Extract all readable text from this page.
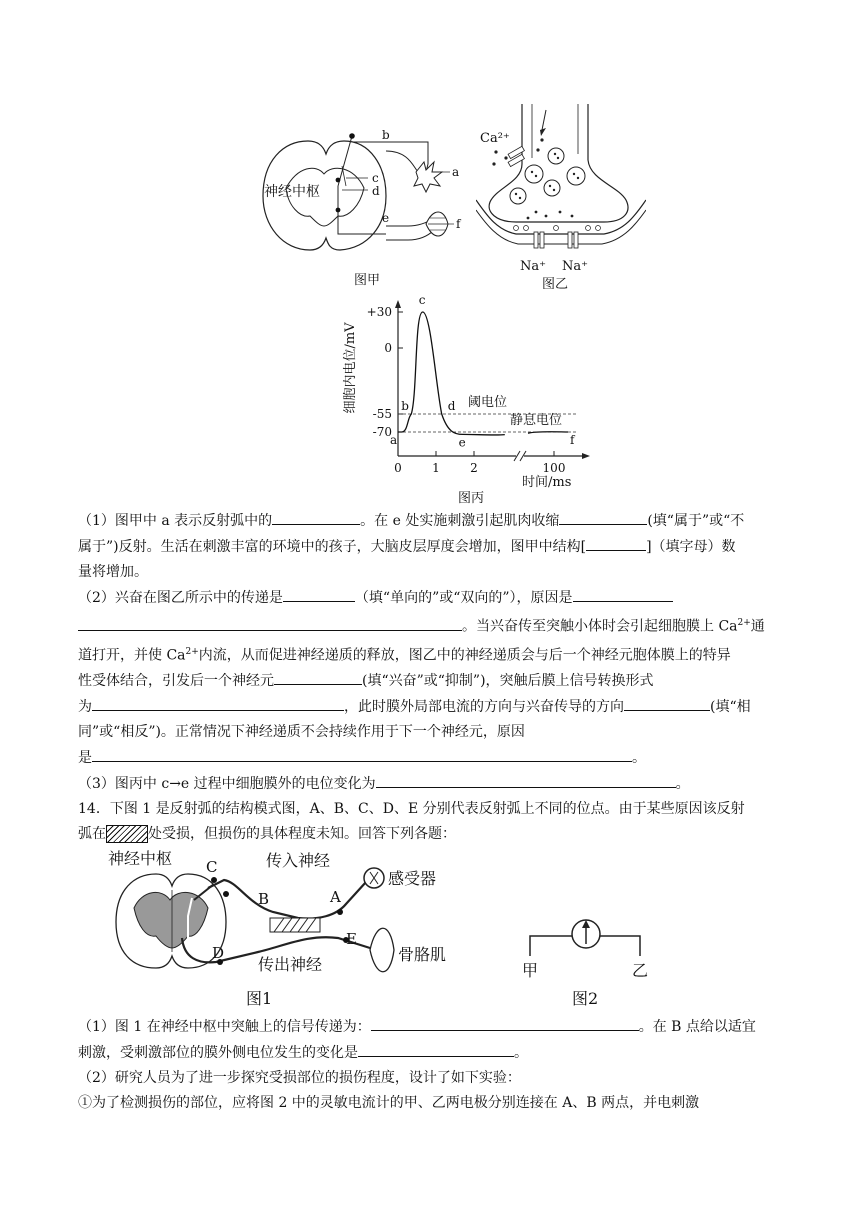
神经中枢
b
a
c
d
e	f
图甲
Ca²⁺
Na⁺ Na⁺
图乙
细胞内电位/mV
时间/ms
图丙
阈电位
静息电位
+30
0
-55
-70
0	1	2	100
a
b
c
d
e	f
（1）图甲中 a 表示反射弧中的	。在 e 处实施刺激引起肌肉收缩	(填“属于”或“不
属于”)反射。生活在刺激丰富的环境中的孩子，大脑皮层厚度会增加，图甲中结构[	]（填字母）数
量将增加。
（2）兴奋在图乙所示中的传递是	（填“单向的”或“双向的”），原因是
。当兴奋传至突触小体时会引起细胞膜上 $Ca^{2+}$通
道打开，并使 $Ca^{2+}$内流，从而促进神经递质的释放，图乙中的神经递质会与后一个神经元胞体膜上的特异
性受体结合，引发后一个神经元	(填“兴奋”或“抑制”)，突触后膜上信号转换形式
为	，此时膜外局部电流的方向与兴奋传导的方向	(填“相
同”或“相反”)。正常情况下神经递质不会持续作用于下一个神经元，原因
是	。
（3）图丙中 c→e 过程中细胞膜外的电位变化为	。
14．下图 1 是反射弧的结构模式图，A、B、C、D、E 分别代表反射弧上不同的位点。由于某些原因该反射
弧在	处受损，但损伤的具体程度未知。回答下列各题：
神经中枢	传入神经
感受器
传出神经
骨胳肌
C
B	A
D
E
图1
甲	乙
图2
（1）图 1 在神经中枢中突触上的信号传递为：	。在 B 点给以适宜
刺激，受刺激部位的膜外侧电位发生的变化是	。
（2）研究人员为了进一步探究受损部位的损伤程度，设计了如下实验：
①为了检测损伤的部位，应将图 2 中的灵敏电流计的甲、乙两电极分别连接在 A、B 两点，并电刺激
